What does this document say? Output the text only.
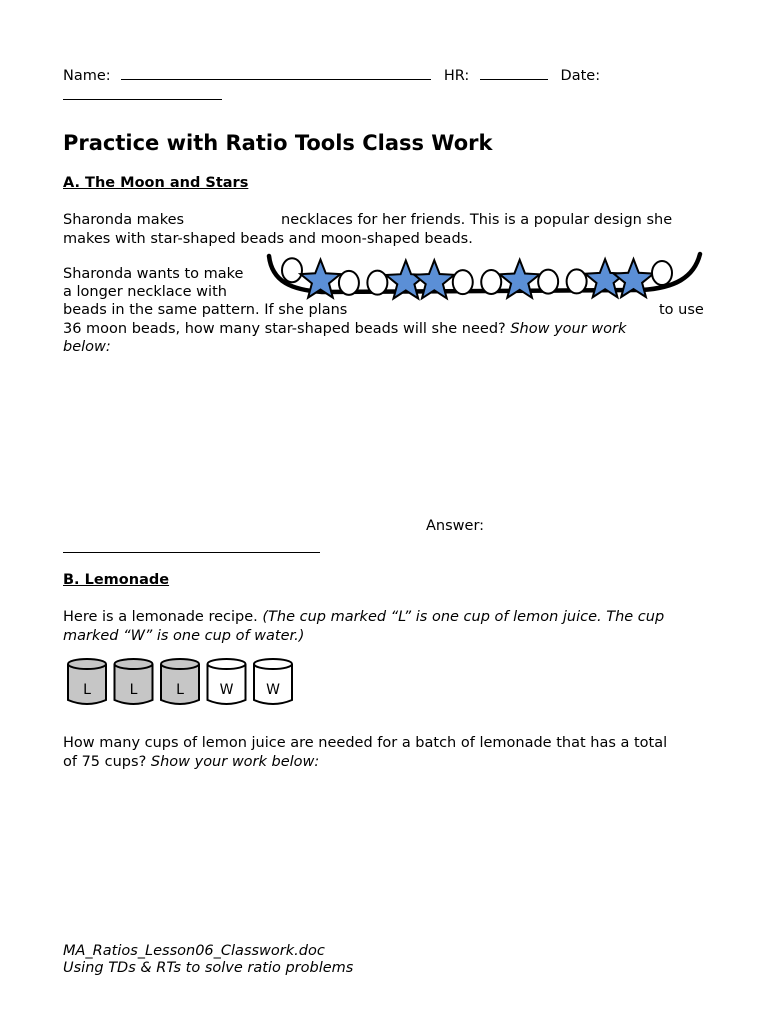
Name:	HR:	Date:
Practice with Ratio Tools Class Work
A. The Moon and Stars
Sharonda makes	necklaces for her friends. This is a popular design she
makes with star-shaped beads and moon-shaped beads.
Sharonda wants to make
a longer necklace with
beads in the same pattern. If she plans	to use
36 moon beads, how many star-shaped beads will she need? Show your work
below:
Answer:
B. Lemonade
Here is a lemonade recipe. (The cup marked “L” is one cup of lemon juice. The cup
marked “W” is one cup of water.)
L	L	L	W W
How many cups of lemon juice are needed for a batch of lemonade that has a total
of 75 cups? Show your work below:
MA_Ratios_Lesson06_Classwork.doc
Using TDs & RTs to solve ratio problems
